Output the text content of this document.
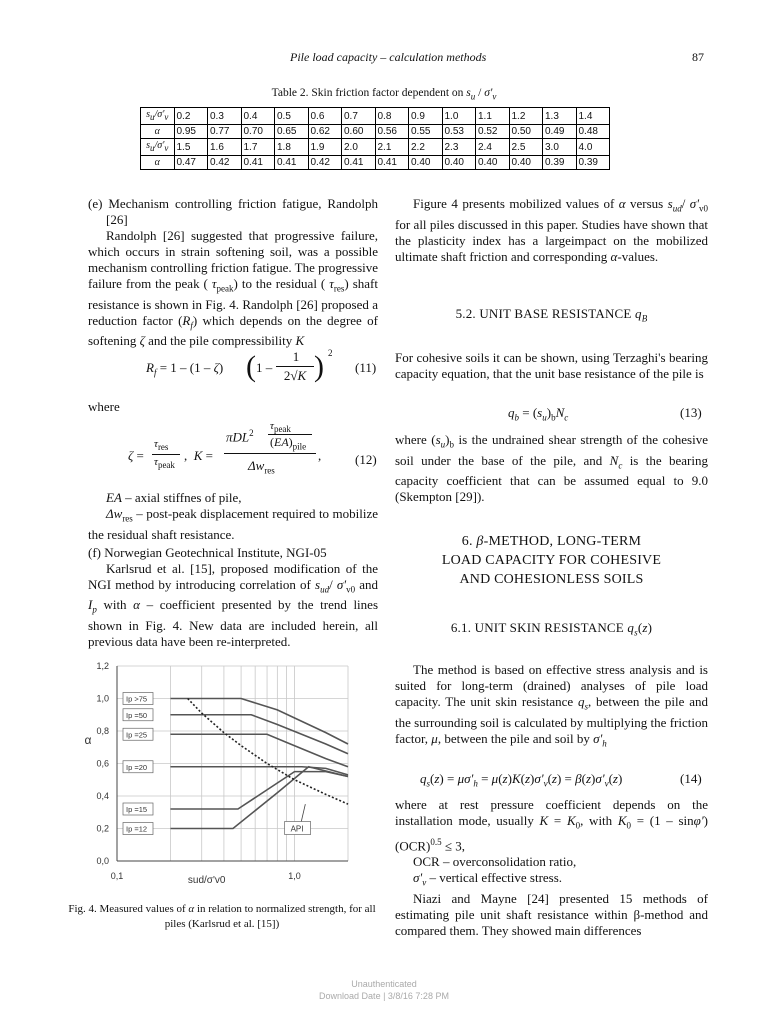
Pile load capacity – calculation methods	87
Table 2. Skin friction factor dependent on $s_u / \sigma'_v$
$s_u/\sigma'_v$	0.2	0.3	0.4	0.5	0.6	0.7	0.8	0.9	1.0	1.1	1.2	1.3	1.4
α	0.95	0.77	0.70	0.65	0.62	0.60	0.56	0.55	0.53	0.52	0.50	0.49	0.48
$s_u/\sigma'_v$	1.5	1.6	1.7	1.8	1.9	2.0	2.1	2.2	2.3	2.4	2.5	3.0	4.0
α	0.47	0.42	0.41	0.41	0.42	0.41	0.41	0.40	0.40	0.40	0.40	0.39	0.39

(e) Mechanism controlling friction fatigue, Randolph [26]

Randolph [26] suggested that progressive failure, which occurs in strain softening soil, was a possible mechanism controlling friction fatigue. The progressive failure from the peak ( $\tau_{peak}$) to the residual ( $\tau_{res}$) shaft resistance is shown in Fig. 4. Randolph [26] proposed a reduction factor $(R_f)$ which depends on the degree of softening ζ and the pile compressibility K

$R_f = 1 - (1 - \zeta)$ ( 1 –
1
2√K ) 2
(11)
where
ζ =
$\tau_{res}$
$\tau_{peak}$
,  K =
πDL$^2$
$\tau_{peak}$
$(EA)_{pile}$
$\Delta w_{res}$
,	(12)

EA – axial stiffnes of pile,

$\Delta w_{res}$ – post-peak displacement required to mobilize the residual shaft resistance.

(f) Norwegian Geotechnical Institute, NGI-05

Karlsrud et al. [15], proposed modification of the NGI method by introducing correlation of $s_{ud}/$ $\sigma'_{v0}$ and $I_p$ with α – coefficient presented by the trend lines shown in Fig. 4. New data are included herein, all previous data have been re-interpreted.

0,0
0,2
0,4
0,6
0,8
1,0
1,2
0,1	1,0
sud/σ'v0
α
Ip >75
Ip =50
Ip =25
Ip =20
Ip =15
Ip =12	API
Fig. 4. Measured values of α in relation to normalized strength, for all piles (Karlsrud et al. [15])

Figure 4 presents mobilized values of α versus $s_{ud}/$ $\sigma'_{v0}$ for all piles discussed in this paper. Studies have shown that the plasticity index has a largeimpact on the mobilized ultimate shaft friction and corresponding α-values.

5.2. UNIT BASE RESISTANCE $q_B$
For cohesive soils it can be shown, using Terzaghi's bearing capacity equation, that the unit base resistance of the pile is
$q_b = (s_u)_bN_c$	(13)

where $(s_u)_b$ is the undrained shear strength of the cohesive soil under the base of the pile, and $N_c$ is the bearing capacity coefficient that can be assumed equal to 9.0 (Skempton [29]).

6. β-METHOD, LONG-TERM
LOAD CAPACITY FOR COHESIVE
AND COHESIONLESS SOILS
6.1. UNIT SKIN RESISTANCE $q_s(z)$

The method is based on effective stress analysis and is suited for long-term (drained) analyses of pile load capacity. The unit skin resistance $q_s$, between the pile and the surrounding soil is calculated by multiplying the friction factor, μ, between the pile and soil by $\sigma'_h$

$q_s(z) = \mu\sigma'_h = \mu(z)K(z)\sigma'_v(z) = \beta(z)\sigma'_v(z)$	(14)

where at rest pressure coefficient depends on the installation mode, usually $K = K_0$, with $K_0 = (1 - \sin\varphi')(OCR)^{0.5} \le 3$,

OCR – overconsolidation ratio,

$\sigma'_v$ – vertical effective stress.

Niazi and Mayne [24] presented 15 methods of estimating pile unit shaft resistance within β-method and compared them. They showed main differences

Unauthenticated
Download Date | 3/8/16 7:28 PM
